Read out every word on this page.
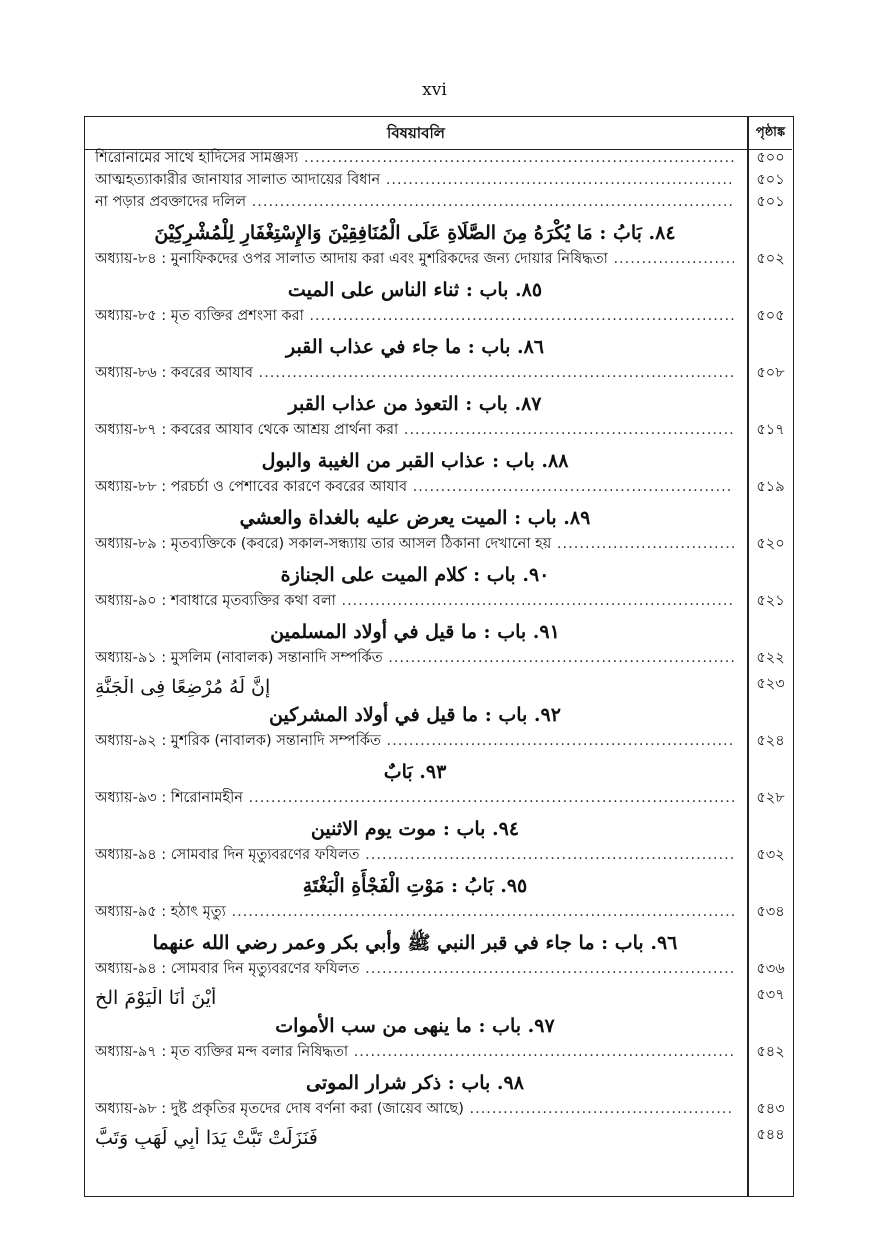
xvi
বিষয়াবলি	পৃষ্ঠাঙ্ক
শিরোনামের সাথে হাদিসের সামঞ্জস্য .....	৫০০
আত্মহত্যাকারীর জানাযার সালাত আদায়ের বিধান .....	৫০১
না পড়ার প্রবক্তাদের দলিল .....	৫০১
٨٤. بَابُ : مَا يُكْرَهُ مِنَ الصَّلَاةِ عَلَى الْمُنَافِقِيْنَ وَالإِسْتِغْفَارِ لِلْمُشْرِكِيْنَ
অধ্যায়-৮৪ : মুনাফিকদের ওপর সালাত আদায় করা এবং মুশরিকদের জন্য দোয়ার নিষিদ্ধতা .....	৫০২
٨٥. باب : ثناء الناس على الميت
অধ্যায়-৮৫ : মৃত ব্যক্তির প্রশংসা করা .....	৫০৫
٨٦. باب : ما جاء في عذاب القبر
অধ্যায়-৮৬ : কবরের আযাব .....	৫০৮
٨٧. باب : التعوذ من عذاب القبر
অধ্যায়-৮৭ : কবরের আযাব থেকে আশ্রয় প্রার্থনা করা .....	৫১৭
٨٨. باب : عذاب القبر من الغيبة والبول
অধ্যায়-৮৮ : পরচর্চা ও পেশাবের কারণে কবরের আযাব .....	৫১৯
٨٩. باب : الميت يعرض عليه بالغداة والعشي
অধ্যায়-৮৯ : মৃতব্যক্তিকে (কবরে) সকাল-সন্ধ্যায় তার আসল ঠিকানা দেখানো হয় .....	৫২০
٩٠. باب : كلام الميت على الجنازة
অধ্যায়-৯০ : শবাধারে মৃতব্যক্তির কথা বলা .....	৫২১
٩١. باب : ما قيل في أولاد المسلمين
অধ্যায়-৯১ : মুসলিম (নাবালক) সন্তানাদি সম্পর্কিত .....	৫২২
إِنَّ لَهُ مُرْضِعًا فِى الْجَنَّةِ	৫২৩
٩٢. باب : ما قيل في أولاد المشركين
অধ্যায়-৯২ : মুশরিক (নাবালক) সন্তানাদি সম্পর্কিত .....	৫২৪
٩٣. بَابٌ
অধ্যায়-৯৩ : শিরোনামহীন .....	৫২৮
٩٤. باب : موت يوم الاثنين
অধ্যায়-৯৪ : সোমবার দিন মৃত্যুবরণের ফযিলত .....	৫৩২
٩٥. بَابُ : مَوْتِ الْفَجْأَةِ الْبَغْتَةِ
অধ্যায়-৯৫ : হঠাৎ মৃত্যু .....	৫৩৪
٩٦. باب : ما جاء في قبر النبي ﷺ وأبي بكر وعمر رضي الله عنهما
অধ্যায়-৯৪ : সোমবার দিন মৃত্যুবরণের ফযিলত .....	৫৩৬
أَيْنَ أَنَا الْيَوْمَ الخ	৫৩৭
٩٧. باب : ما ينهى من سب الأموات
অধ্যায়-৯৭ : মৃত ব্যক্তির মন্দ বলার নিষিদ্ধতা .....	৫৪২
٩٨. باب : ذكر شرار الموتى
অধ্যায়-৯৮ : দুষ্ট প্রকৃতির মৃতদের দোষ বর্ণনা করা (জায়েব আছে) .....	৫৪৩
فَنَزَلَتْ تَبَّتْ يَدَا أَبِي لَهَبٍ وَتَبَّ	৫৪৪
